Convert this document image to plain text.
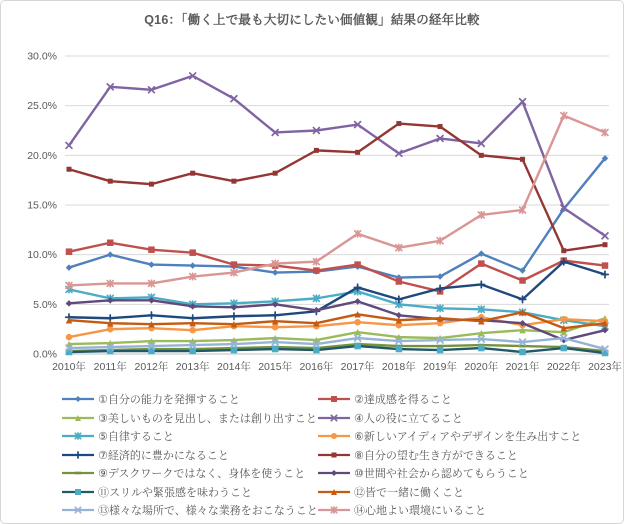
Q16：「働く上で最も大切にしたい価値観」結果の経年比較
0.0%
5.0%
10.0%
15.0%
20.0%
25.0%
30.0%
2010年 2011年 2012年 2013年 2014年 2015年 2016年 2017年 2018年 2019年 2020年 2021年 2022年 2023年
①自分の能力を発揮すること	②達成感を得ること
③美しいものを見出し、または創り出すこと	④人の役に立てること
⑤自律すること	⑥新しいアイディアやデザインを生み出すこと
⑦経済的に豊かになること	⑧自分の望む生き方ができること
⑨デスクワークではなく、身体を使うこと	⑩世間や社会から認めてもらうこと
⑪スリルや緊張感を味わうこと	⑫皆で一緒に働くこと
⑬様々な場所で、様々な業務をおこなうこと	⑭心地よい環境にいること
